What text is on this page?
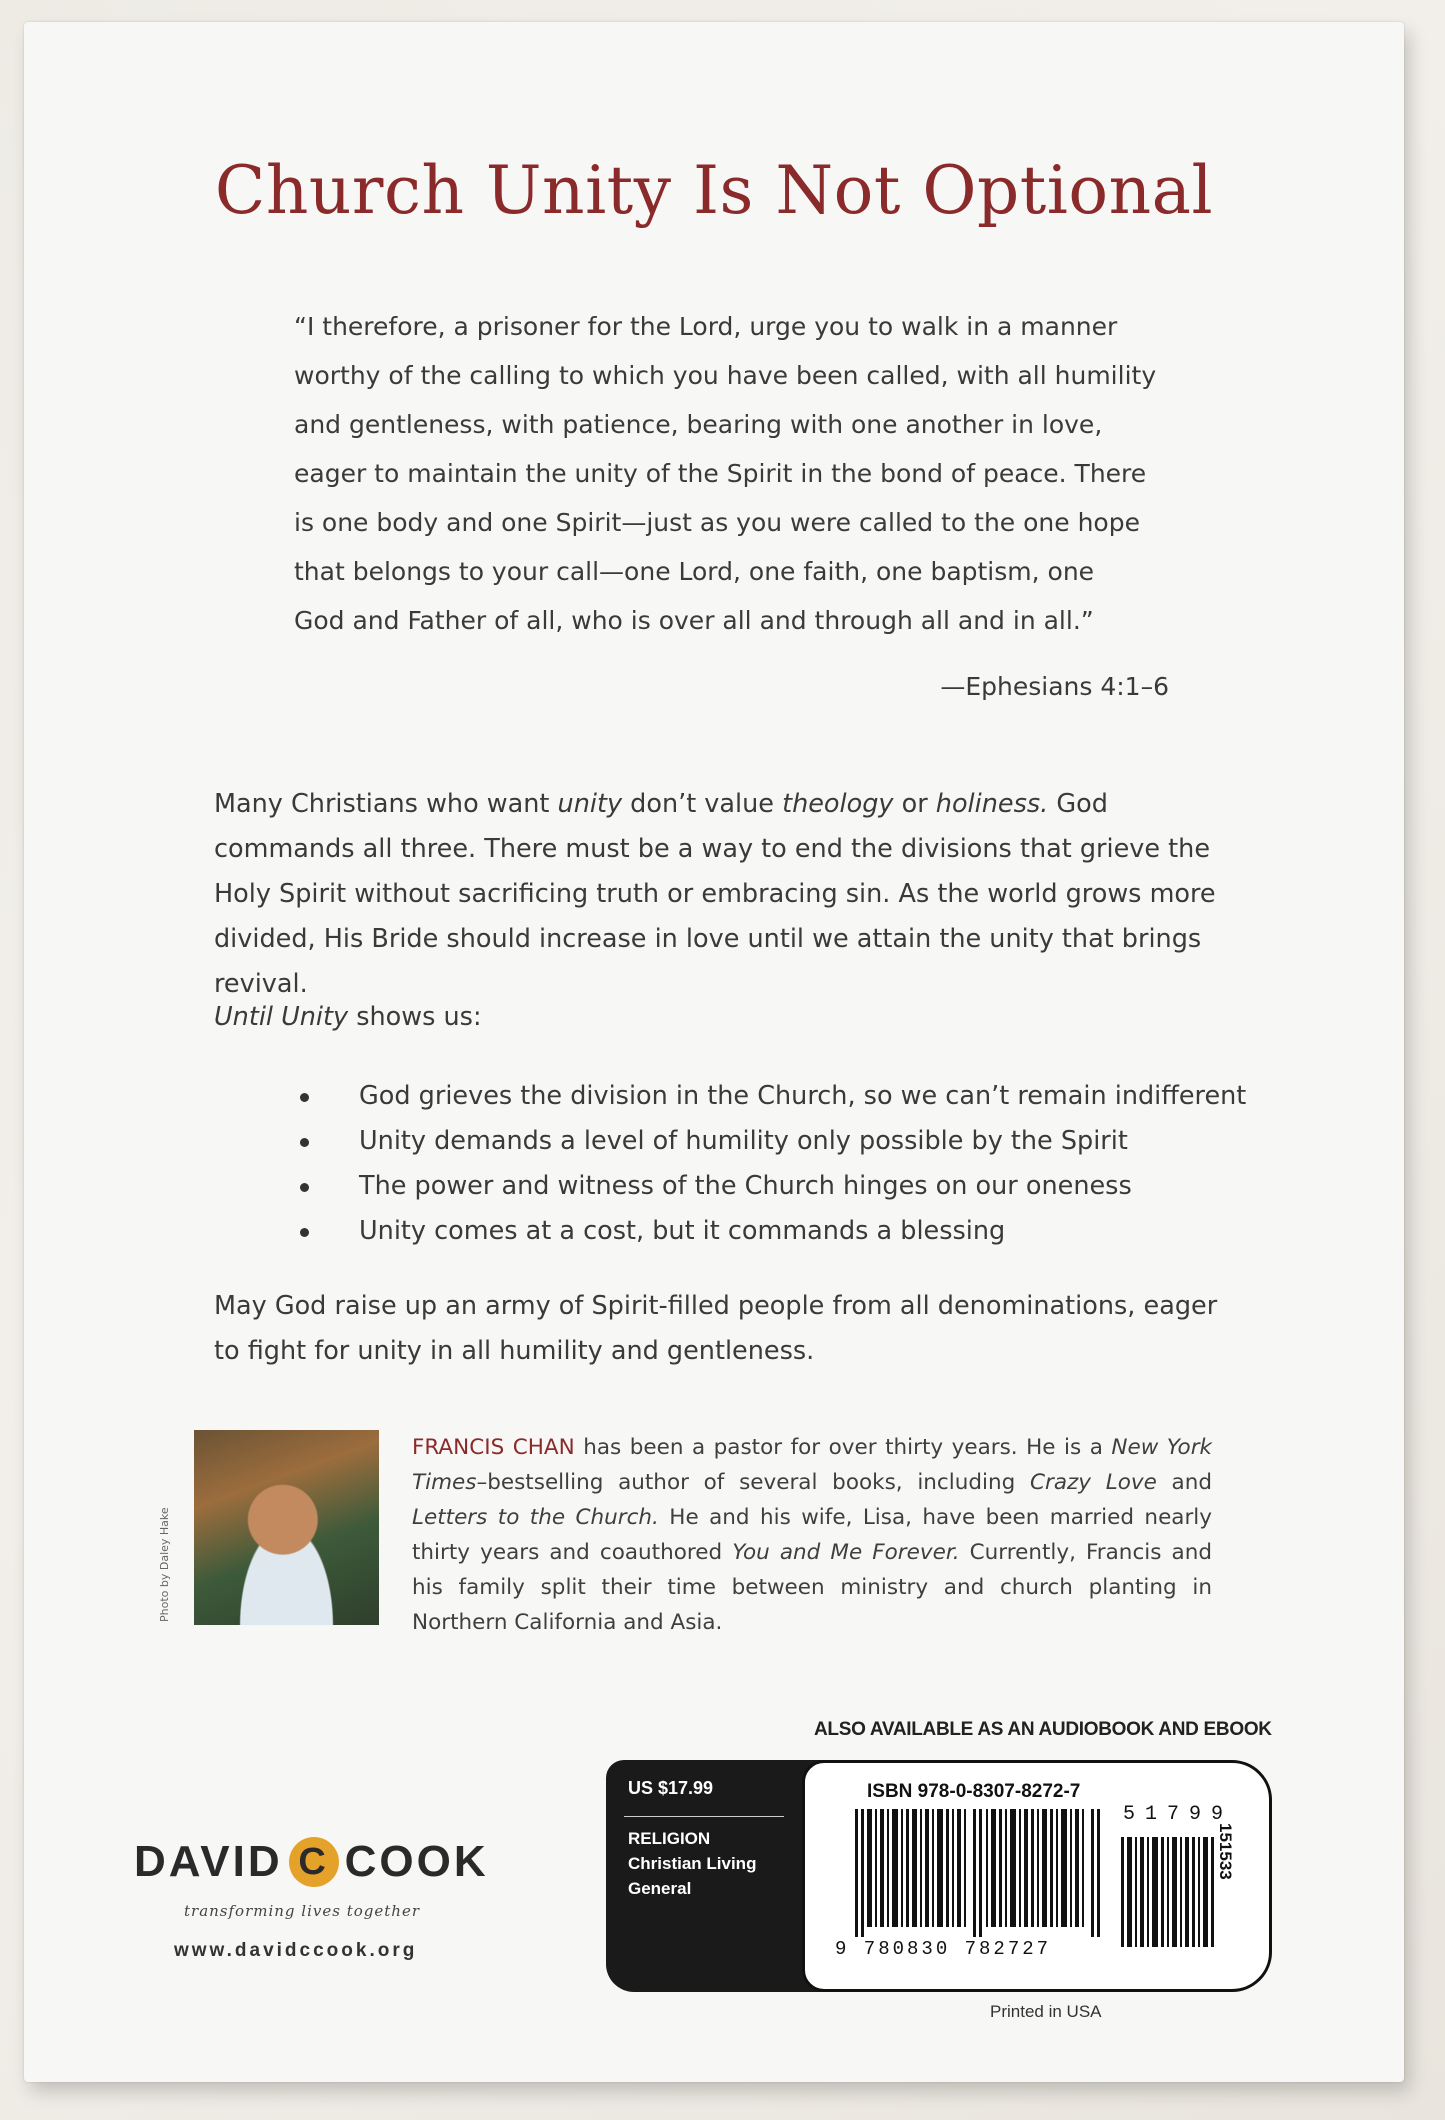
Church Unity Is Not Optional
“I therefore, a prisoner for the Lord, urge you to walk in a manner
worthy of the calling to which you have been called, with all humility
and gentleness, with patience, bearing with one another in love,
eager to maintain the unity of the Spirit in the bond of peace. There
is one body and one Spirit—just as you were called to the one hope
that belongs to your call—one Lord, one faith, one baptism, one
God and Father of all, who is over all and through all and in all.”
—Ephesians 4:1–6
Many Christians who want unity don’t value theology or holiness. God commands all three. There must be a way to end the divisions that grieve the Holy Spirit without sacrificing truth or embracing sin. As the world grows more divided, His Bride should increase in love until we attain the unity that brings revival.
Until Unity shows us:
God grieves the division in the Church, so we can’t remain indifferent
Unity demands a level of humility only possible by the Spirit
The power and witness of the Church hinges on our oneness
Unity comes at a cost, but it commands a blessing
May God raise up an army of Spirit-filled people from all denominations, eager to fight for unity in all humility and gentleness.
Photo by Daley Hake
FRANCIS CHAN has been a pastor for over thirty years. He is a New York Times–bestselling author of several books, including Crazy Love and Letters to the Church. He and his wife, Lisa, have been married nearly thirty years and coauthored You and Me Forever. Currently, Francis and his family split their time between ministry and church planting in Northern California and Asia.
ALSO AVAILABLE AS AN AUDIOBOOK AND EBOOK
DAVID C COOK
transforming lives together
www.davidccook.org
US $17.99
RELIGION
Christian Living
General
ISBN 978-0-8307-8272-7
9 780830 782727
51799
151533
Printed in USA
